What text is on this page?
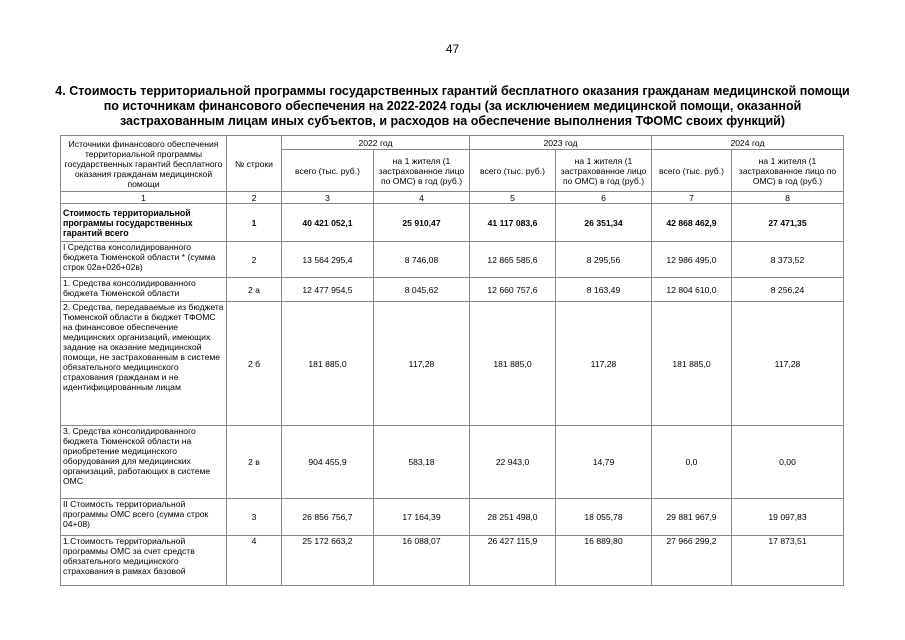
47
4. Стоимость территориальной программы государственных гарантий бесплатного оказания гражданам медицинской помощи по источникам финансового обеспечения на 2022-2024 годы (за исключением медицинской помощи, оказанной застрахованным лицам иных субъектов, и расходов на обеспечение выполнения ТФОМС своих функций)
Источники финансового обеспечения территориальной программы государственных гарантий бесплатного оказания гражданам медицинской помощи	№ строки	2022 год		2023 год		2024 год	
		всего (тыс. руб.)	на 1 жителя (1 застрахованное лицо по ОМС) в год (руб.)	всего (тыс. руб.)	на 1 жителя (1 застрахованное лицо по ОМС) в год (руб.)	всего (тыс. руб.)	на 1 жителя (1 застрахованное лицо по ОМС) в год (руб.)
1	2	3	4	5	6	7	8
Стоимость территориальной программы государственных гарантий всего	1	40 421 052,1	25 910,47	41 117 083,6	26 351,34	42 868 462,9	27 471,35
I Средства консолидированного бюджета Тюменской области * (сумма строк 02а+02б+02в)	2	13 564 295,4	8 746,08	12 865 585,6	8 295,56	12 986 495,0	8 373,52
1. Средства консолидированного бюджета Тюменской области	2 а	12 477 954,5	8 045,62	12 660 757,6	8 163,49	12 804 610,0	8 256,24
2. Средства, передаваемые из бюджета Тюменской области в бюджет ТФОМС на финансовое обеспечение медицинских организаций, имеющих задание на оказание медицинской помощи, не застрахованным в системе обязательного медицинского страхования гражданам и не идентифицированным лицам	2 б	181 885,0	117,28	181 885,0	117,28	181 885,0	117,28
3. Средства консолидированного бюджета Тюменской области на приобретение медицинского оборудования для медицинских организаций, работающих в системе ОМС	2 в	904 455,9	583,18	22 943,0	14,79	0,0	0,00
II Стоимость территориальной программы ОМС всего (сумма строк 04+08)	3	26 856 756,7	17 164,39	28 251 498,0	18 055,78	29 881 967,9	19 097,83
1.Стоимость территориальной программы ОМС за счет средств обязательного медицинского страхования в рамках базовой	4	25 172 663,2	16 088,07	26 427 115,9	16 889,80	27 966 299,2	17 873,51
